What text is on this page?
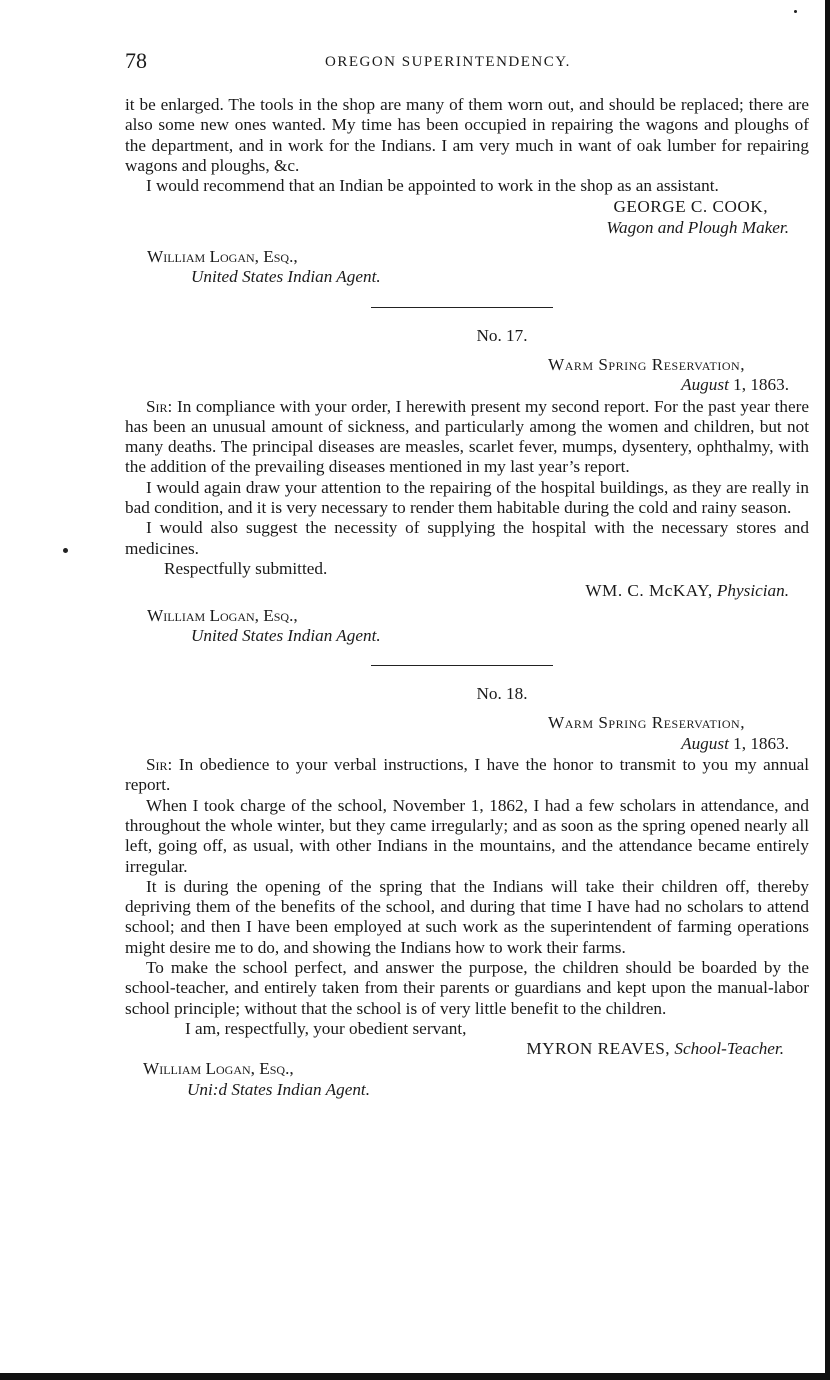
78	OREGON SUPERINTENDENCY.

it be enlarged. The tools in the shop are many of them worn out, and should be replaced; there are also some new ones wanted. My time has been occupied in repairing the wagons and ploughs of the department, and in work for the Indians. I am very much in want of oak lumber for repairing wagons and ploughs, &c.

I would recommend that an Indian be appointed to work in the shop as an assistant.

GEORGE C. COOK,
Wagon and Plough Maker.
William Logan, Esq.,
United States Indian Agent.
No. 17.
Warm Spring Reservation,
August 1, 1863.

Sir: In compliance with your order, I herewith present my second report. For the past year there has been an unusual amount of sickness, and particularly among the women and children, but not many deaths. The principal diseases are measles, scarlet fever, mumps, dysentery, ophthalmy, with the addition of the prevailing diseases mentioned in my last year’s report.

I would again draw your attention to the repairing of the hospital buildings, as they are really in bad condition, and it is very necessary to render them habitable during the cold and rainy season.

I would also suggest the necessity of supplying the hospital with the necessary stores and medicines.

Respectfully submitted.

WM. C. McKAY, Physician.
William Logan, Esq.,
United States Indian Agent.
No. 18.
Warm Spring Reservation,
August 1, 1863.

Sir: In obedience to your verbal instructions, I have the honor to transmit to you my annual report.

When I took charge of the school, November 1, 1862, I had a few scholars in attendance, and throughout the whole winter, but they came irregularly; and as soon as the spring opened nearly all left, going off, as usual, with other Indians in the mountains, and the attendance became entirely irregular.

It is during the opening of the spring that the Indians will take their children off, thereby depriving them of the benefits of the school, and during that time I have had no scholars to attend school; and then I have been employed at such work as the superintendent of farming operations might desire me to do, and showing the Indians how to work their farms.

To make the school perfect, and answer the purpose, the children should be boarded by the school-teacher, and entirely taken from their parents or guardians and kept upon the manual-labor school principle; without that the school is of very little benefit to the children.

I am, respectfully, your obedient servant,

MYRON REAVES, School-Teacher.
William Logan, Esq.,
Uni:d States Indian Agent.
